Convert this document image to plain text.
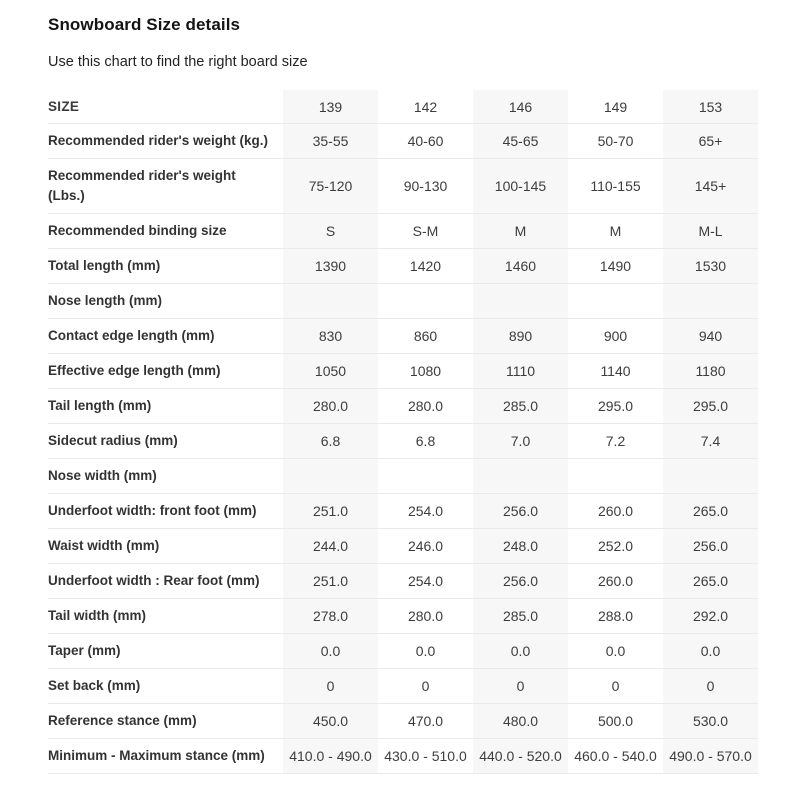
Snowboard Size details

Use this chart to find the right board size

SIZE	139	142	146	149	153
Recommended rider's weight (kg.)	35-55	40-60	45-65	50-70	65+
Recommended rider's weight (Lbs.)	75-120	90-130	100-145	110-155	145+
Recommended binding size	S	S-M	M	M	M-L
Total length (mm)	1390	1420	1460	1490	1530
Nose length (mm)					
Contact edge length (mm)	830	860	890	900	940
Effective edge length (mm)	1050	1080	1110	1140	1180
Tail length (mm)	280.0	280.0	285.0	295.0	295.0
Sidecut radius (mm)	6.8	6.8	7.0	7.2	7.4
Nose width (mm)					
Underfoot width: front foot (mm)	251.0	254.0	256.0	260.0	265.0
Waist width (mm)	244.0	246.0	248.0	252.0	256.0
Underfoot width : Rear foot (mm)	251.0	254.0	256.0	260.0	265.0
Tail width (mm)	278.0	280.0	285.0	288.0	292.0
Taper (mm)	0.0	0.0	0.0	0.0	0.0
Set back (mm)	0	0	0	0	0
Reference stance (mm)	450.0	470.0	480.0	500.0	530.0
Minimum - Maximum stance (mm)	410.0 - 490.0	430.0 - 510.0	440.0 - 520.0	460.0 - 540.0	490.0 - 570.0
